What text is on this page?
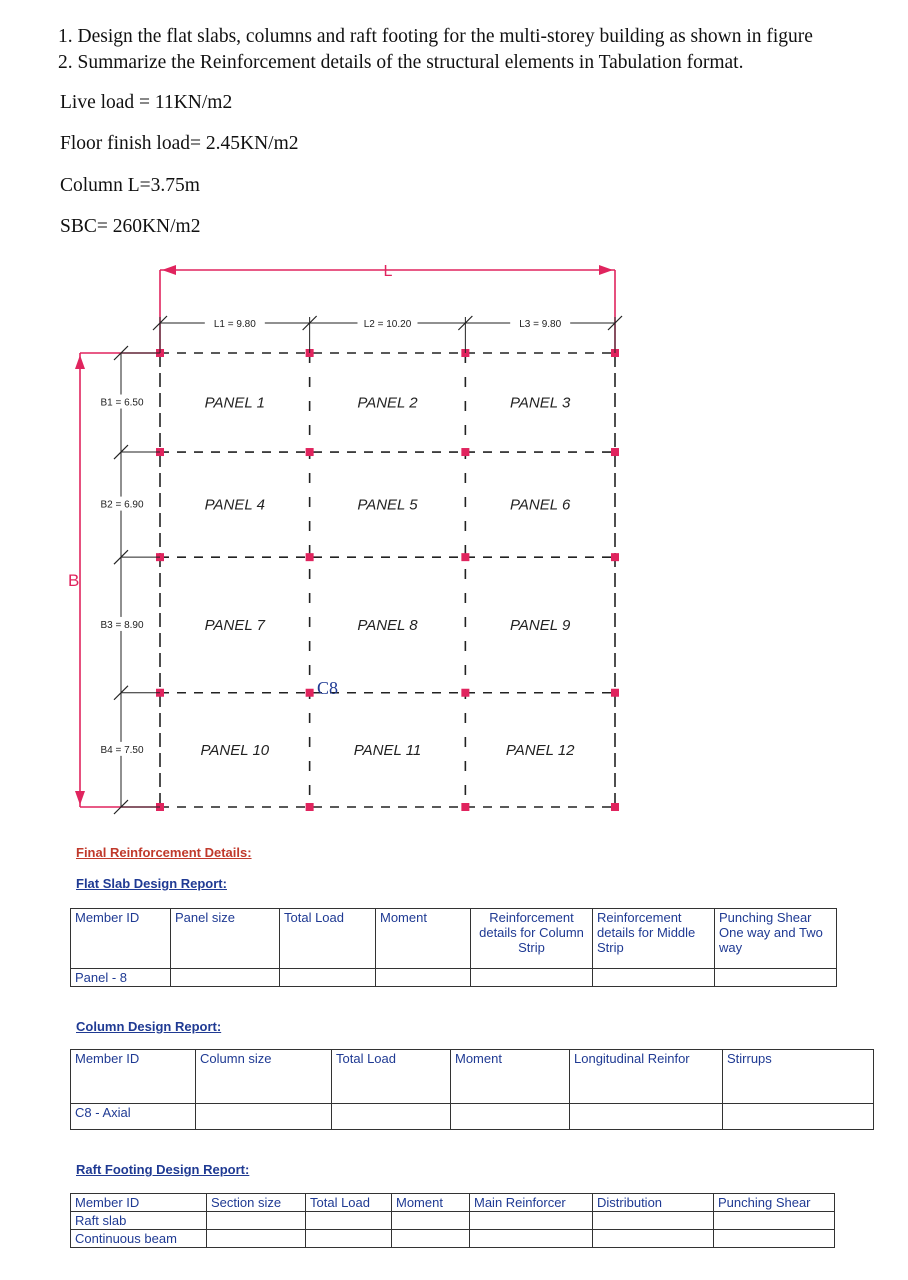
1. Design the flat slabs, columns and raft footing for the multi-storey building as shown in figure
2. Summarize the Reinforcement details of the structural elements in Tabulation format.
Live load = 11KN/m2
Floor finish load= 2.45KN/m2
Column L=3.75m
SBC= 260KN/m2
L1 = 9.80	L2 = 10.20	L3 = 9.80
B1 = 6.50
B2 = 6.90
B3 = 8.90
B4 = 7.50
PANEL 1	PANEL 2	PANEL 3
PANEL 4	PANEL 5	PANEL 6
PANEL 7	PANEL 8	PANEL 9
PANEL 10	PANEL 11	PANEL 12
L
B
C8
Final Reinforcement Details:
Flat Slab Design Report:
Member ID	Panel size	Total Load	Moment	Reinforcement details for Column Strip	Reinforcement details for Middle Strip	Punching Shear One way and Two way
Panel - 8						
Column Design Report:
Member ID	Column size	Total Load	Moment	Longitudinal Reinfor	Stirrups
C8 - Axial					
Raft Footing Design Report:
Member ID	Section size	Total Load	Moment	Main Reinforcer	Distribution	Punching Shear
Raft slab						
Continuous beam						
